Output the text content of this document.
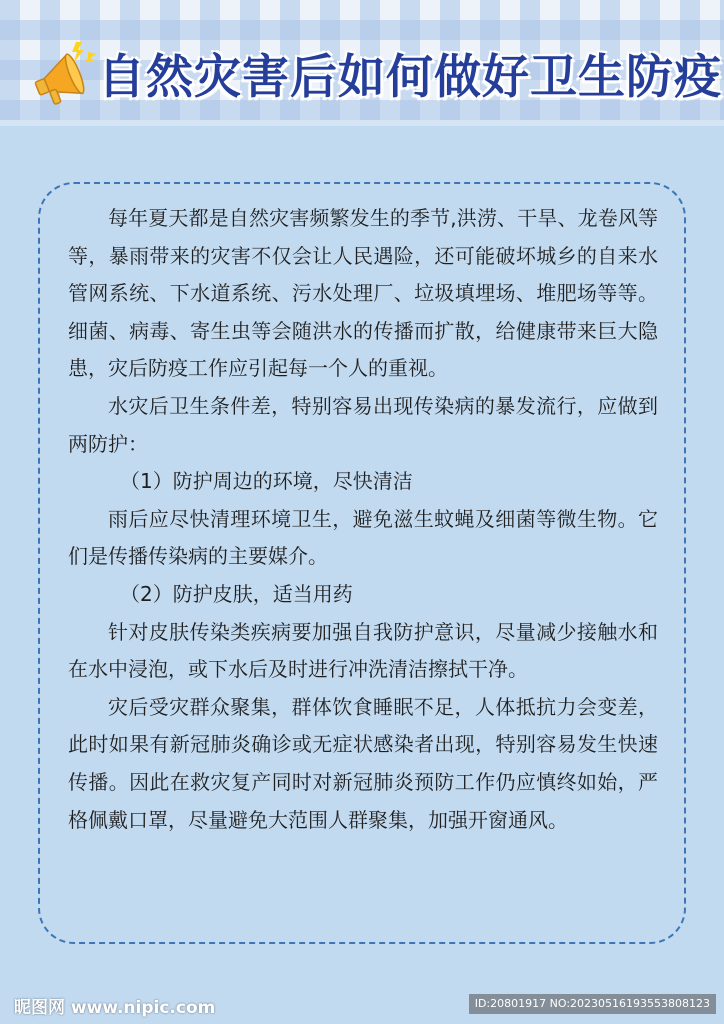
自然灾害后如何做好卫生防疫

每年夏天都是自然灾害频繁发生的季节,洪涝、干旱、龙卷风等等，暴雨带来的灾害不仅会让人民遇险，还可能破坏城乡的自来水管网系统、下水道系统、污水处理厂、垃圾填埋场、堆肥场等等。细菌、病毒、寄生虫等会随洪水的传播而扩散，给健康带来巨大隐患，灾后防疫工作应引起每一个人的重视。

水灾后卫生条件差，特别容易出现传染病的暴发流行，应做到两防护：

（1）防护周边的环境，尽快清洁

雨后应尽快清理环境卫生，避免滋生蚊蝇及细菌等微生物。它们是传播传染病的主要媒介。

（2）防护皮肤，适当用药

针对皮肤传染类疾病要加强自我防护意识，尽量减少接触水和在水中浸泡，或下水后及时进行冲洗清洁擦拭干净。

灾后受灾群众聚集，群体饮食睡眠不足，人体抵抗力会变差，此时如果有新冠肺炎确诊或无症状感染者出现，特别容易发生快速传播。因此在救灾复产同时对新冠肺炎预防工作仍应慎终如始，严格佩戴口罩，尽量避免大范围人群聚集，加强开窗通风。

昵图网 www.nipic.com	ID:20801917 NO:20230516193553808123
